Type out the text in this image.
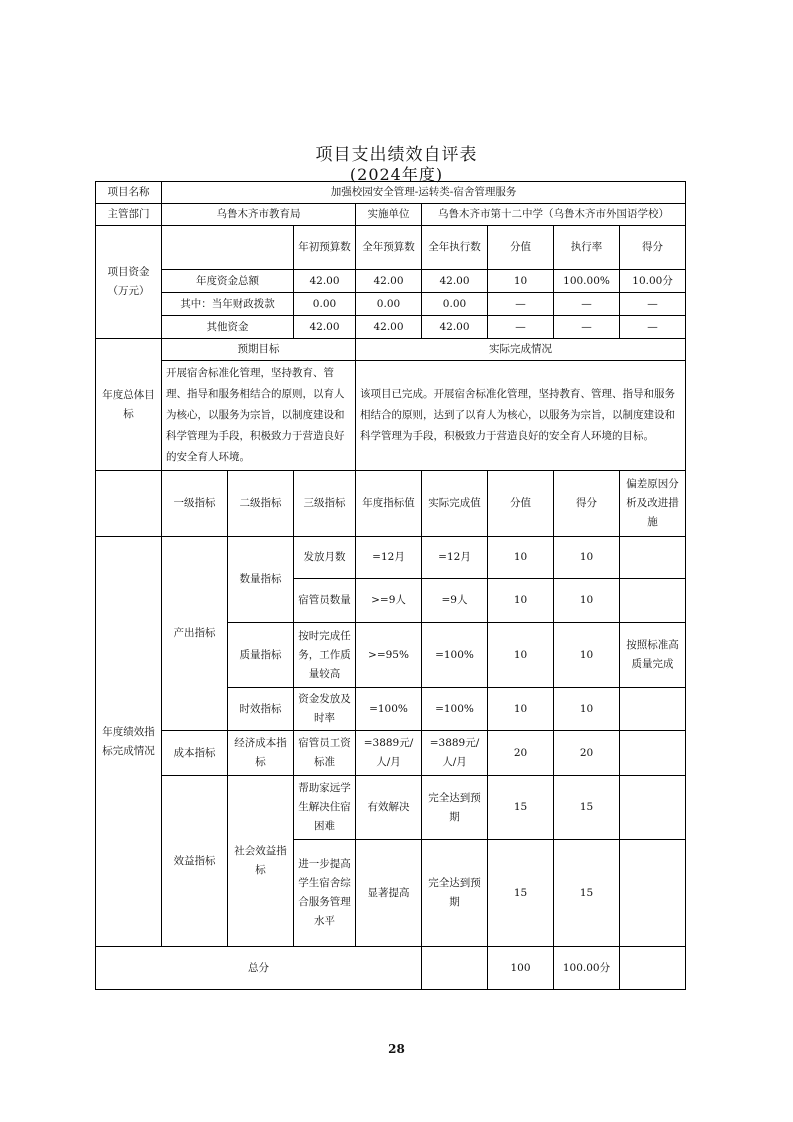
项目支出绩效自评表
(2024年度)
项目名称	加强校园安全管理-运转类-宿舍管理服务							
主管部门	乌鲁木齐市教育局			实施单位	乌鲁木齐市第十二中学（乌鲁木齐市外国语学校）			
项目资金（万元）			年初预算数	全年预算数	全年执行数	分值	执行率	得分
	年度资金总额		42.00	42.00	42.00	10	100.00%	10.00分
	其中：当年财政拨款		0.00	0.00	0.00	—	—	—
	其他资金		42.00	42.00	42.00	—	—	—
年度总体目标	预期目标			实际完成情况				
	开展宿舍标准化管理，坚持教育、管理、指导和服务相结合的原则，以育人为核心，以服务为宗旨，以制度建设和科学管理为手段，积极致力于营造良好的安全育人环境。			该项目已完成。开展宿舍标准化管理，坚持教育、管理、指导和服务相结合的原则，达到了以育人为核心，以服务为宗旨，以制度建设和科学管理为手段，积极致力于营造良好的安全育人环境的目标。				
	一级指标	二级指标	三级指标	年度指标值	实际完成值	分值	得分	偏差原因分析及改进措施
年度绩效指标完成情况	产出指标	数量指标	发放月数	=12月	=12月	10	10	
			宿管员数量	>=9人	=9人	10	10	
		质量指标	按时完成任务，工作质量较高	>=95%	=100%	10	10	按照标准高质量完成
		时效指标	资金发放及时率	=100%	=100%	10	10	
	成本指标	经济成本指标	宿管员工资标准	=3889元/人/月	=3889元/人/月	20	20	
	效益指标	社会效益指标	帮助家远学生解决住宿困难	有效解决	完全达到预期	15	15	
			进一步提高学生宿舍综合服务管理水平	显著提高	完全达到预期	15	15	
总分						100	100.00分	
28
